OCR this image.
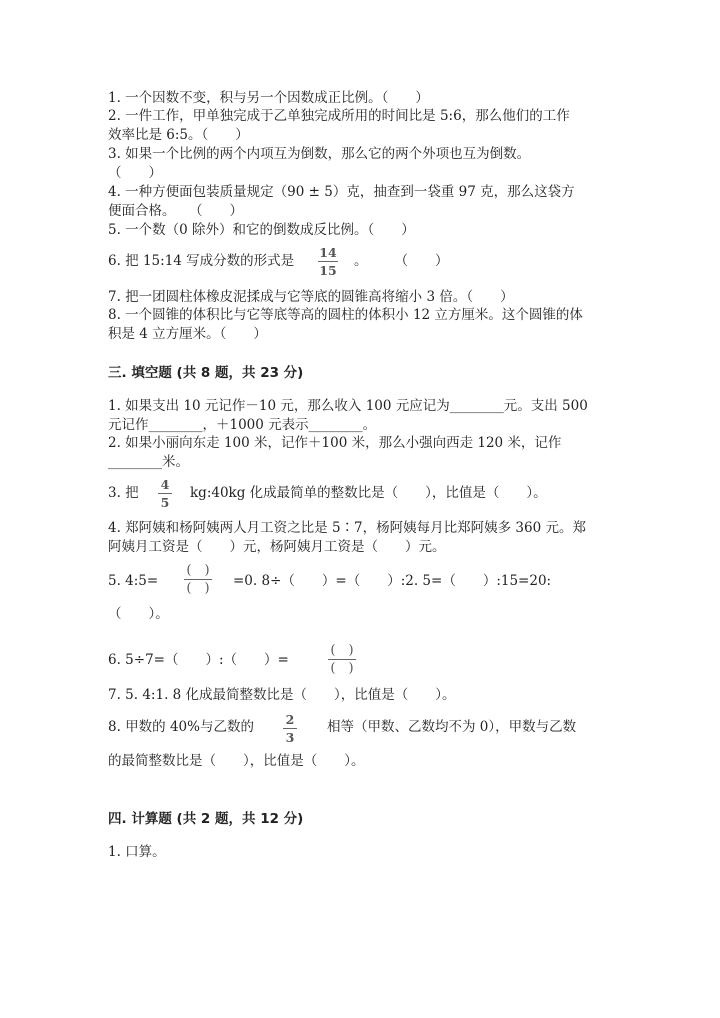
1. 一个因数不变，积与另一个因数成正比例。（　　）
2. 一件工作，甲单独完成于乙单独完成所用的时间比是 5:6，那么他们的工作
效率比是 6:5。（　　）
3. 如果一个比例的两个内项互为倒数，那么它的两个外项也互为倒数。
（　　）
4. 一种方便面包装质量规定（90 ± 5）克，抽查到一袋重 97 克，那么这袋方
便面合格。　　（　　）
5. 一个数（0 除外）和它的倒数成反比例。（　　）
6. 把 15:14 写成分数的形式是
14
15
。　　　（　　）
7. 把一团圆柱体橡皮泥揉成与它等底的圆锥高将缩小 3 倍。（　　）
8. 一个圆锥的体积比与它等底等高的圆柱的体积小 12 立方厘米。这个圆锥的体
积是 4 立方厘米。（　　）
三. 填空题 (共 8 题，共 23 分)
1. 如果支出 10 元记作－10 元，那么收入 100 元应记为________元。支出 500
元记作________，＋1000 元表示________。
2. 如果小丽向东走 100 米，记作＋100 米，那么小强向西走 120 米，记作
________米。
3. 把
4
5
kg:40kg 化成最简单的整数比是（　　），比值是（　　）。
4. 郑阿姨和杨阿姨两人月工资之比是 5∶7，杨阿姨每月比郑阿姨多 360 元。郑
阿姨月工资是（　　）元，杨阿姨月工资是（　　）元。
5. 4:5=
(　)
(　) =0. 8÷（　　）=（　　）:2. 5=（　　）:15=20:
（　　）。
6. 5÷7=（　　）:（　　）=
(　)
(　)
7. 5. 4:1. 8 化成最简整数比是（　　），比值是（　　）。
8. 甲数的 40%与乙数的	2
3
相等（甲数、乙数均不为 0），甲数与乙数
的最简整数比是（　　），比值是（　　）。
四. 计算题 (共 2 题，共 12 分)
1. 口算。
